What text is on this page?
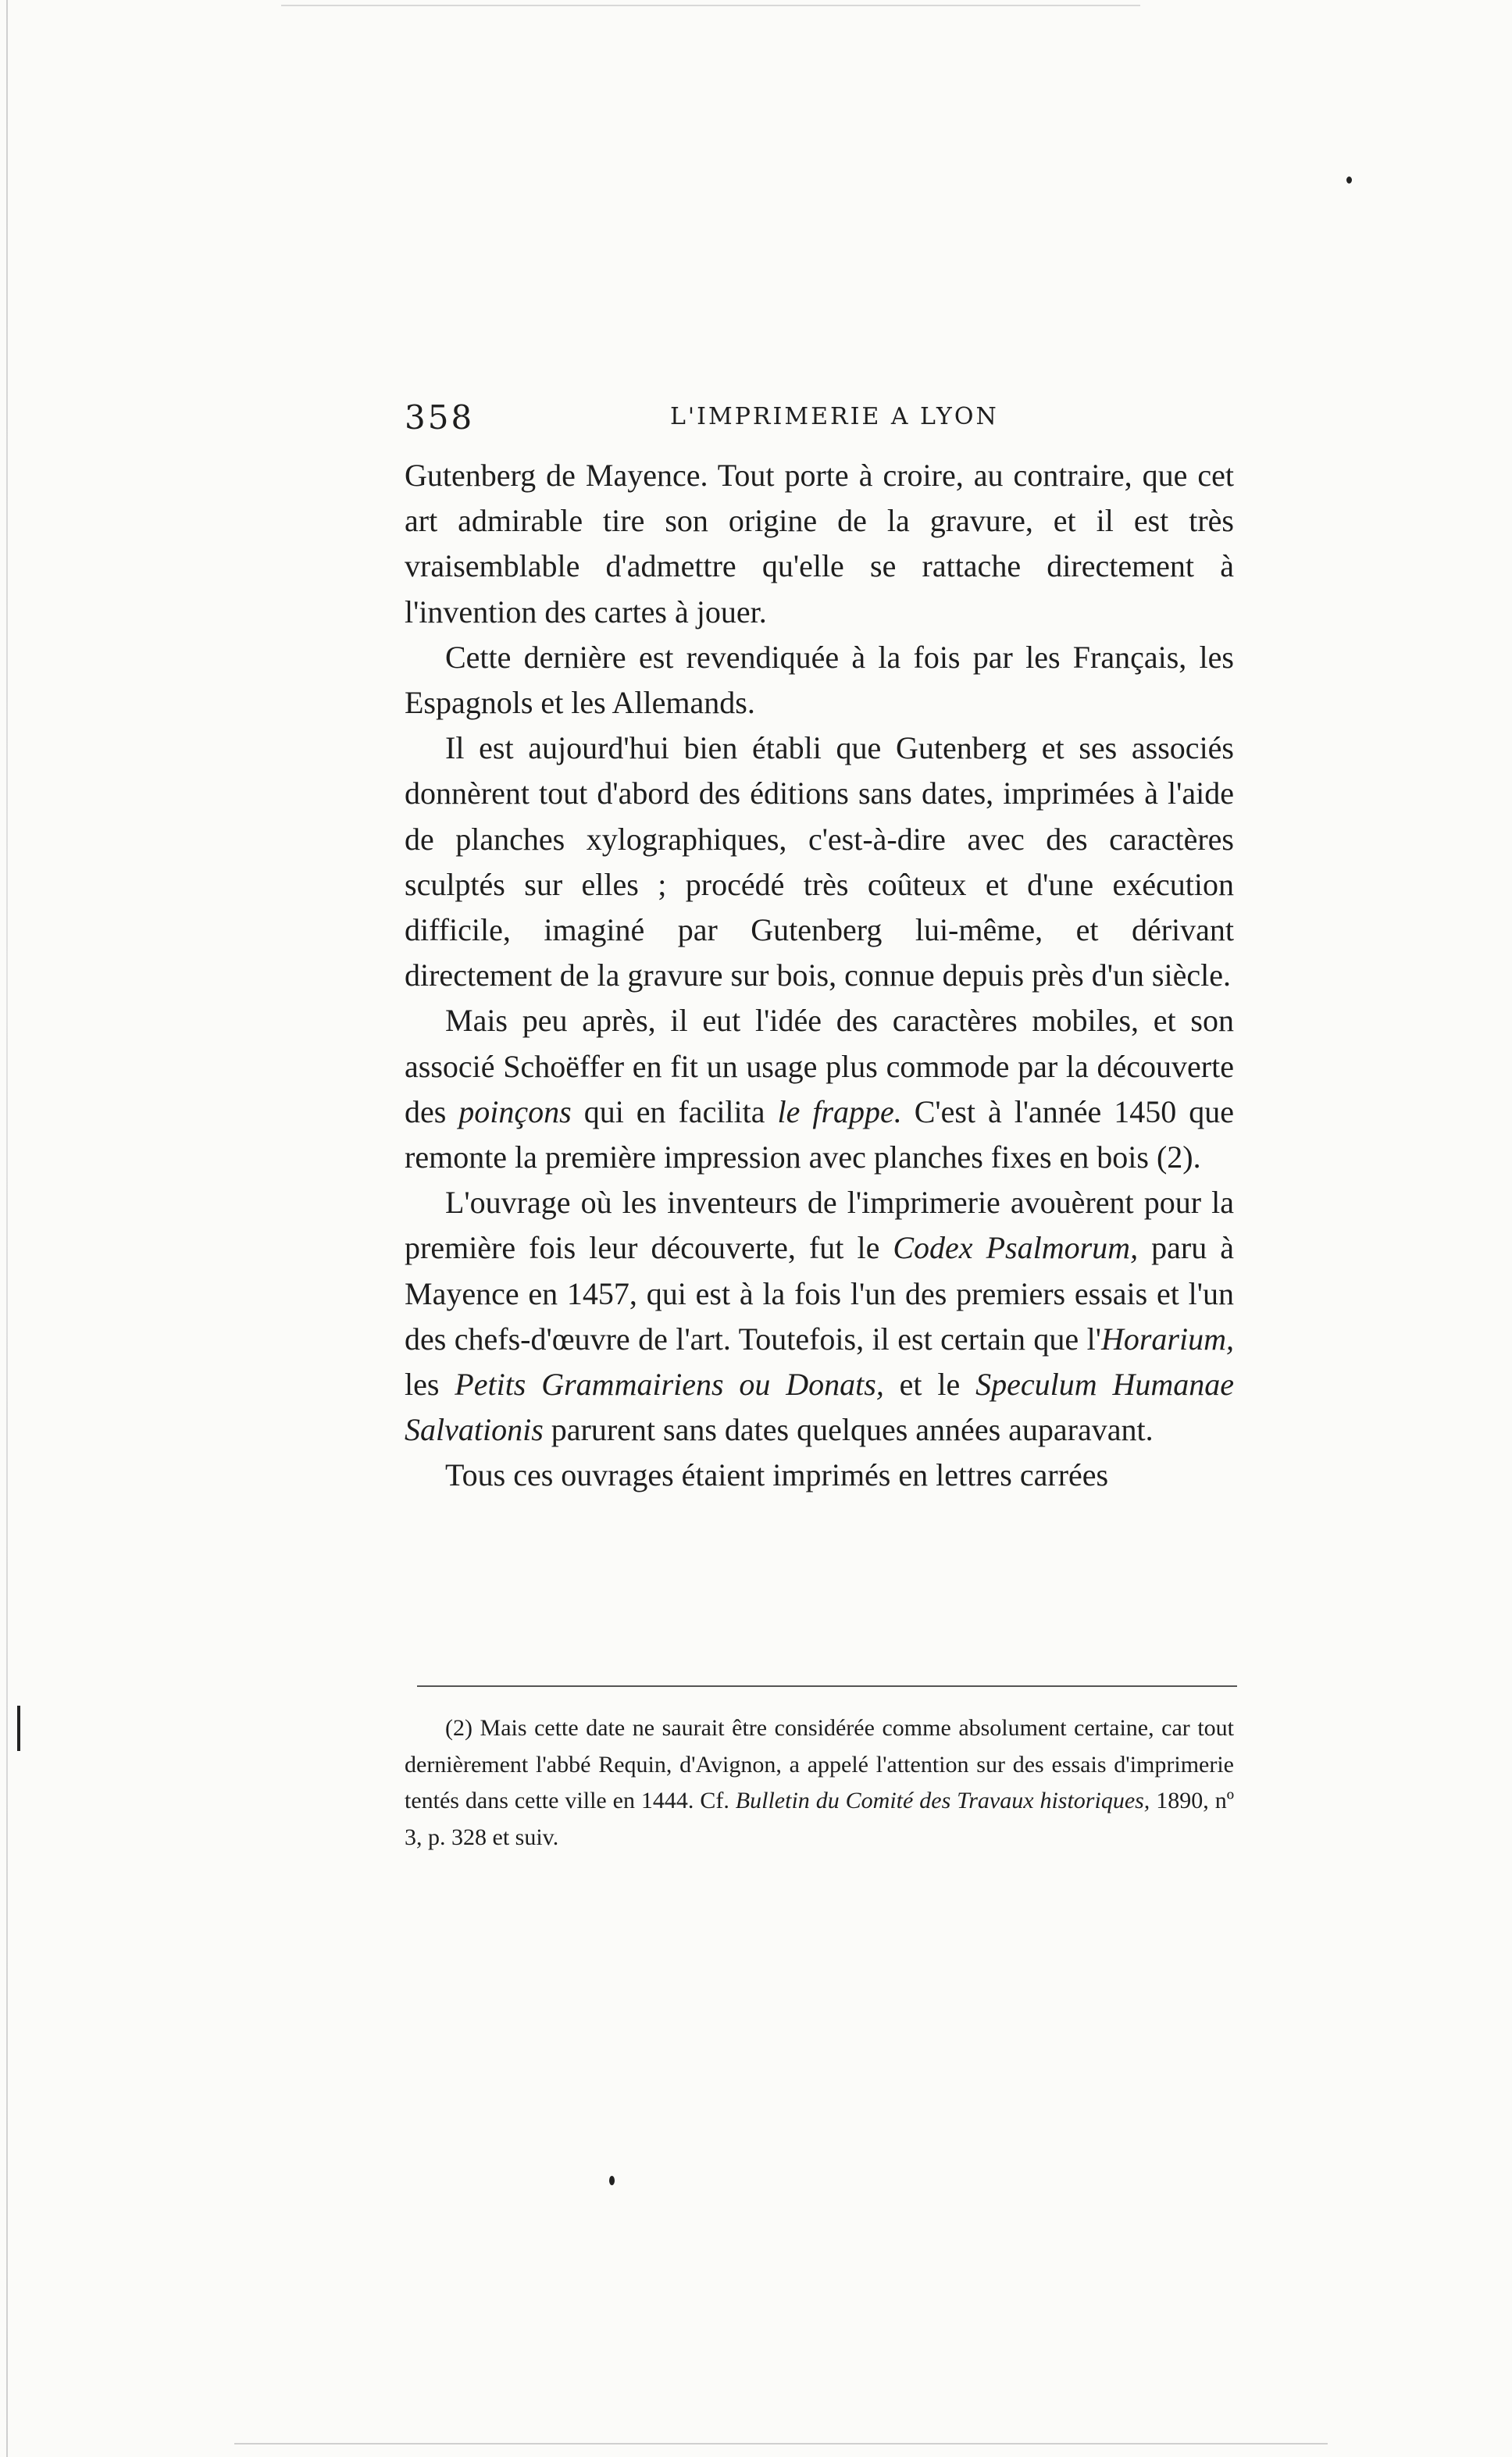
358	L'IMPRIMERIE A LYON

Gutenberg de Mayence. Tout porte à croire, au contraire, que cet art admirable tire son origine de la gravure, et il est très vraisemblable d'admettre qu'elle se rattache directement à l'invention des cartes à jouer.

Cette dernière est revendiquée à la fois par les Français, les Espagnols et les Allemands.

Il est aujourd'hui bien établi que Gutenberg et ses associés donnèrent tout d'abord des éditions sans dates, imprimées à l'aide de planches xylographiques, c'est-à-dire avec des caractères sculptés sur elles ; procédé très coûteux et d'une exécution difficile, imaginé par Gutenberg lui-même, et dérivant directement de la gravure sur bois, connue depuis près d'un siècle.

Mais peu après, il eut l'idée des caractères mobiles, et son associé Schoëffer en fit un usage plus commode par la découverte des poinçons qui en facilita le frappe. C'est à l'année 1450 que remonte la première impression avec planches fixes en bois (2).

L'ouvrage où les inventeurs de l'imprimerie avouèrent pour la première fois leur découverte, fut le Codex Psalmorum, paru à Mayence en 1457, qui est à la fois l'un des premiers essais et l'un des chefs-d'œuvre de l'art. Toutefois, il est certain que l'Horarium, les Petits Grammairiens ou Donats, et le Speculum Humanae Salvationis parurent sans dates quelques années auparavant.

Tous ces ouvrages étaient imprimés en lettres carrées

(2) Mais cette date ne saurait être considérée comme absolument certaine, car tout dernièrement l'abbé Requin, d'Avignon, a appelé l'attention sur des essais d'imprimerie tentés dans cette ville en 1444. Cf. Bulletin du Comité des Travaux historiques, 1890, nº 3, p. 328 et suiv.
